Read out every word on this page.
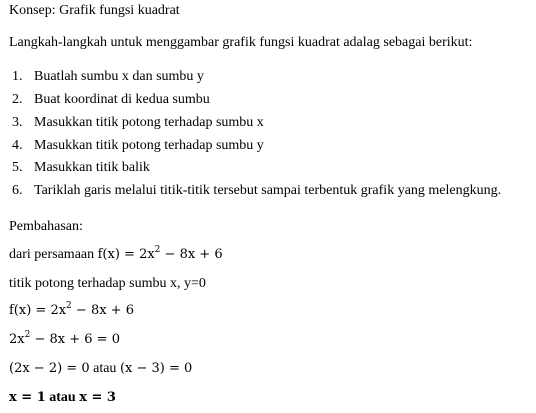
Konsep: Grafik fungsi kuadrat
Langkah-langkah untuk menggambar grafik fungsi kuadrat adalag sebagai berikut:
1. Buatlah sumbu x dan sumbu y
2. Buat koordinat di kedua sumbu
3. Masukkan titik potong terhadap sumbu x
4. Masukkan titik potong terhadap sumbu y
5. Masukkan titik balik
6. Tariklah garis melalui titik-titik tersebut sampai terbentuk grafik yang melengkung.
Pembahasan:
dari persamaan $f(x) = 2x^2 - 8x + 6$
titik potong terhadap sumbu x, y=0
$f(x) = 2x^2 - 8x + 6$
$2x^2 - 8x + 6 = 0$
(2x − 2) = 0 atau (x − 3) = 0
x = 1 atau x = 3
